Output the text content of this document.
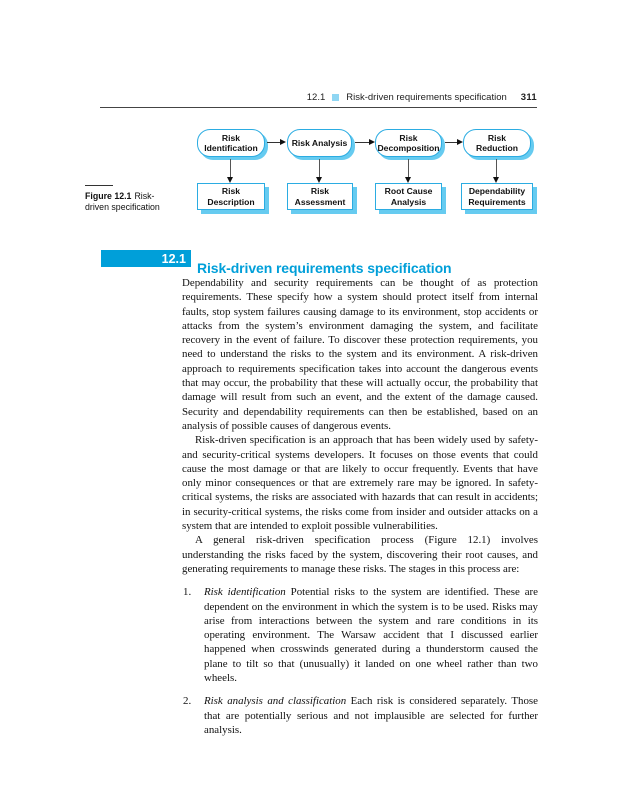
12.1 Risk-driven requirements specification 311
Risk Identification
Risk Analysis
Risk Decomposition
Risk Reduction
Risk Description
Risk Assessment
Root Cause Analysis
Dependability Requirements

Figure 12.1 Risk-driven specification

12.1
Risk-driven requirements specification

Dependability and security requirements can be thought of as protection requirements. These specify how a system should protect itself from internal faults, stop system failures causing damage to its environment, stop accidents or attacks from the system’s environment damaging the system, and facilitate recovery in the event of failure. To discover these protection requirements, you need to understand the risks to the system and its environment. A risk-driven approach to requirements specification takes into account the dangerous events that may occur, the probability that these will actually occur, the probability that damage will result from such an event, and the extent of the damage caused. Security and dependability requirements can then be established, based on an analysis of possible causes of dangerous events.

Risk-driven specification is an approach that has been widely used by safety- and security-critical systems developers. It focuses on those events that could cause the most damage or that are likely to occur frequently. Events that have only minor consequences or that are extremely rare may be ignored. In safety-critical systems, the risks are associated with hazards that can result in accidents; in security-critical systems, the risks come from insider and outsider attacks on a system that are intended to exploit possible vulnerabilities.

A general risk-driven specification process (Figure 12.1) involves understanding the risks faced by the system, discovering their root causes, and generating requirements to manage these risks. The stages in this process are:

1. Risk identification Potential risks to the system are identified. These are dependent on the environment in which the system is to be used. Risks may arise from interactions between the system and rare conditions in its operating environment. The Warsaw accident that I discussed earlier happened when crosswinds generated during a thunderstorm caused the plane to tilt so that (unusually) it landed on one wheel rather than two wheels.
2. Risk analysis and classification Each risk is considered separately. Those that are potentially serious and not implausible are selected for further analysis.
